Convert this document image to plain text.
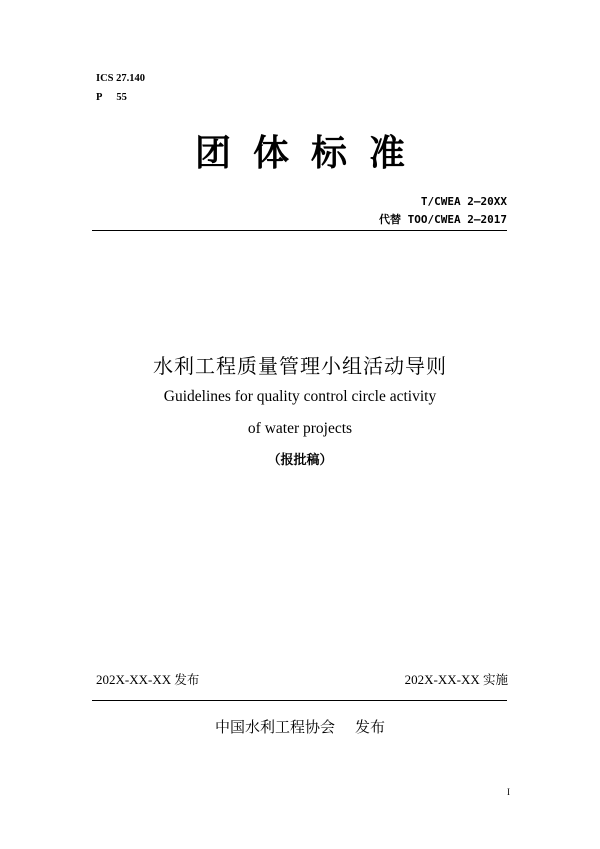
ICS 27.140
P 55
团体标准
T/CWEA 2—20XX
代替 TOO/CWEA 2—2017
水利工程质量管理小组活动导则
Guidelines for quality control circle activity
of water projects
（报批稿）
202X-XX-XX 发布	202X-XX-XX 实施
中国水利工程协会 发布
I
